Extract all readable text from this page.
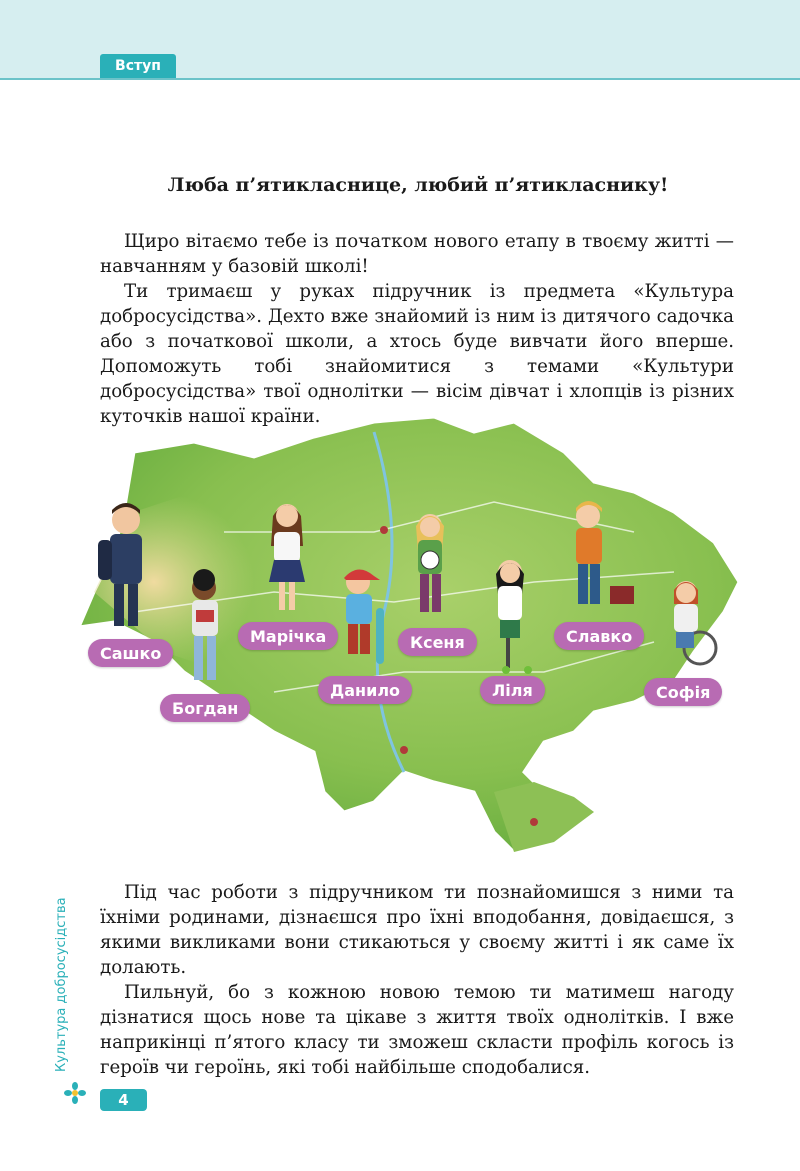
Вступ
Люба п’ятикласнице, любий п’ятикласнику!
Щиро вітаємо тебе із початком нового етапу в твоєму житті — навчанням у базовій школі!
Ти тримаєш у руках підручник із предмета «Культура добросусідства». Дехто вже знайомий із ним із дитячого садочка або з початкової школи, а хтось буде вивчати його вперше. Допоможуть тобі знайомитися з темами «Культури добросусідства» твої однолітки — вісім дівчат і хлопців із різних куточків нашої країни.
Сашко
Богдан
Марічка
Данило
Ксеня
Ліля
Славко
Софія
Під час роботи з підручником ти познайомишся з ними та їхніми родинами, дізнаєшся про їхні вподобання, довідаєшся, з якими викликами вони стикаються у своєму житті і як саме їх долають.
Пильнуй, бо з кожною новою темою ти матимеш нагоду дізнатися щось нове та цікаве з життя твоїх однолітків. І вже наприкінці п’ятого класу ти зможеш скласти профіль когось із героїв чи героїнь, які тобі найбільше сподобалися.
Культура добросусідства
4
